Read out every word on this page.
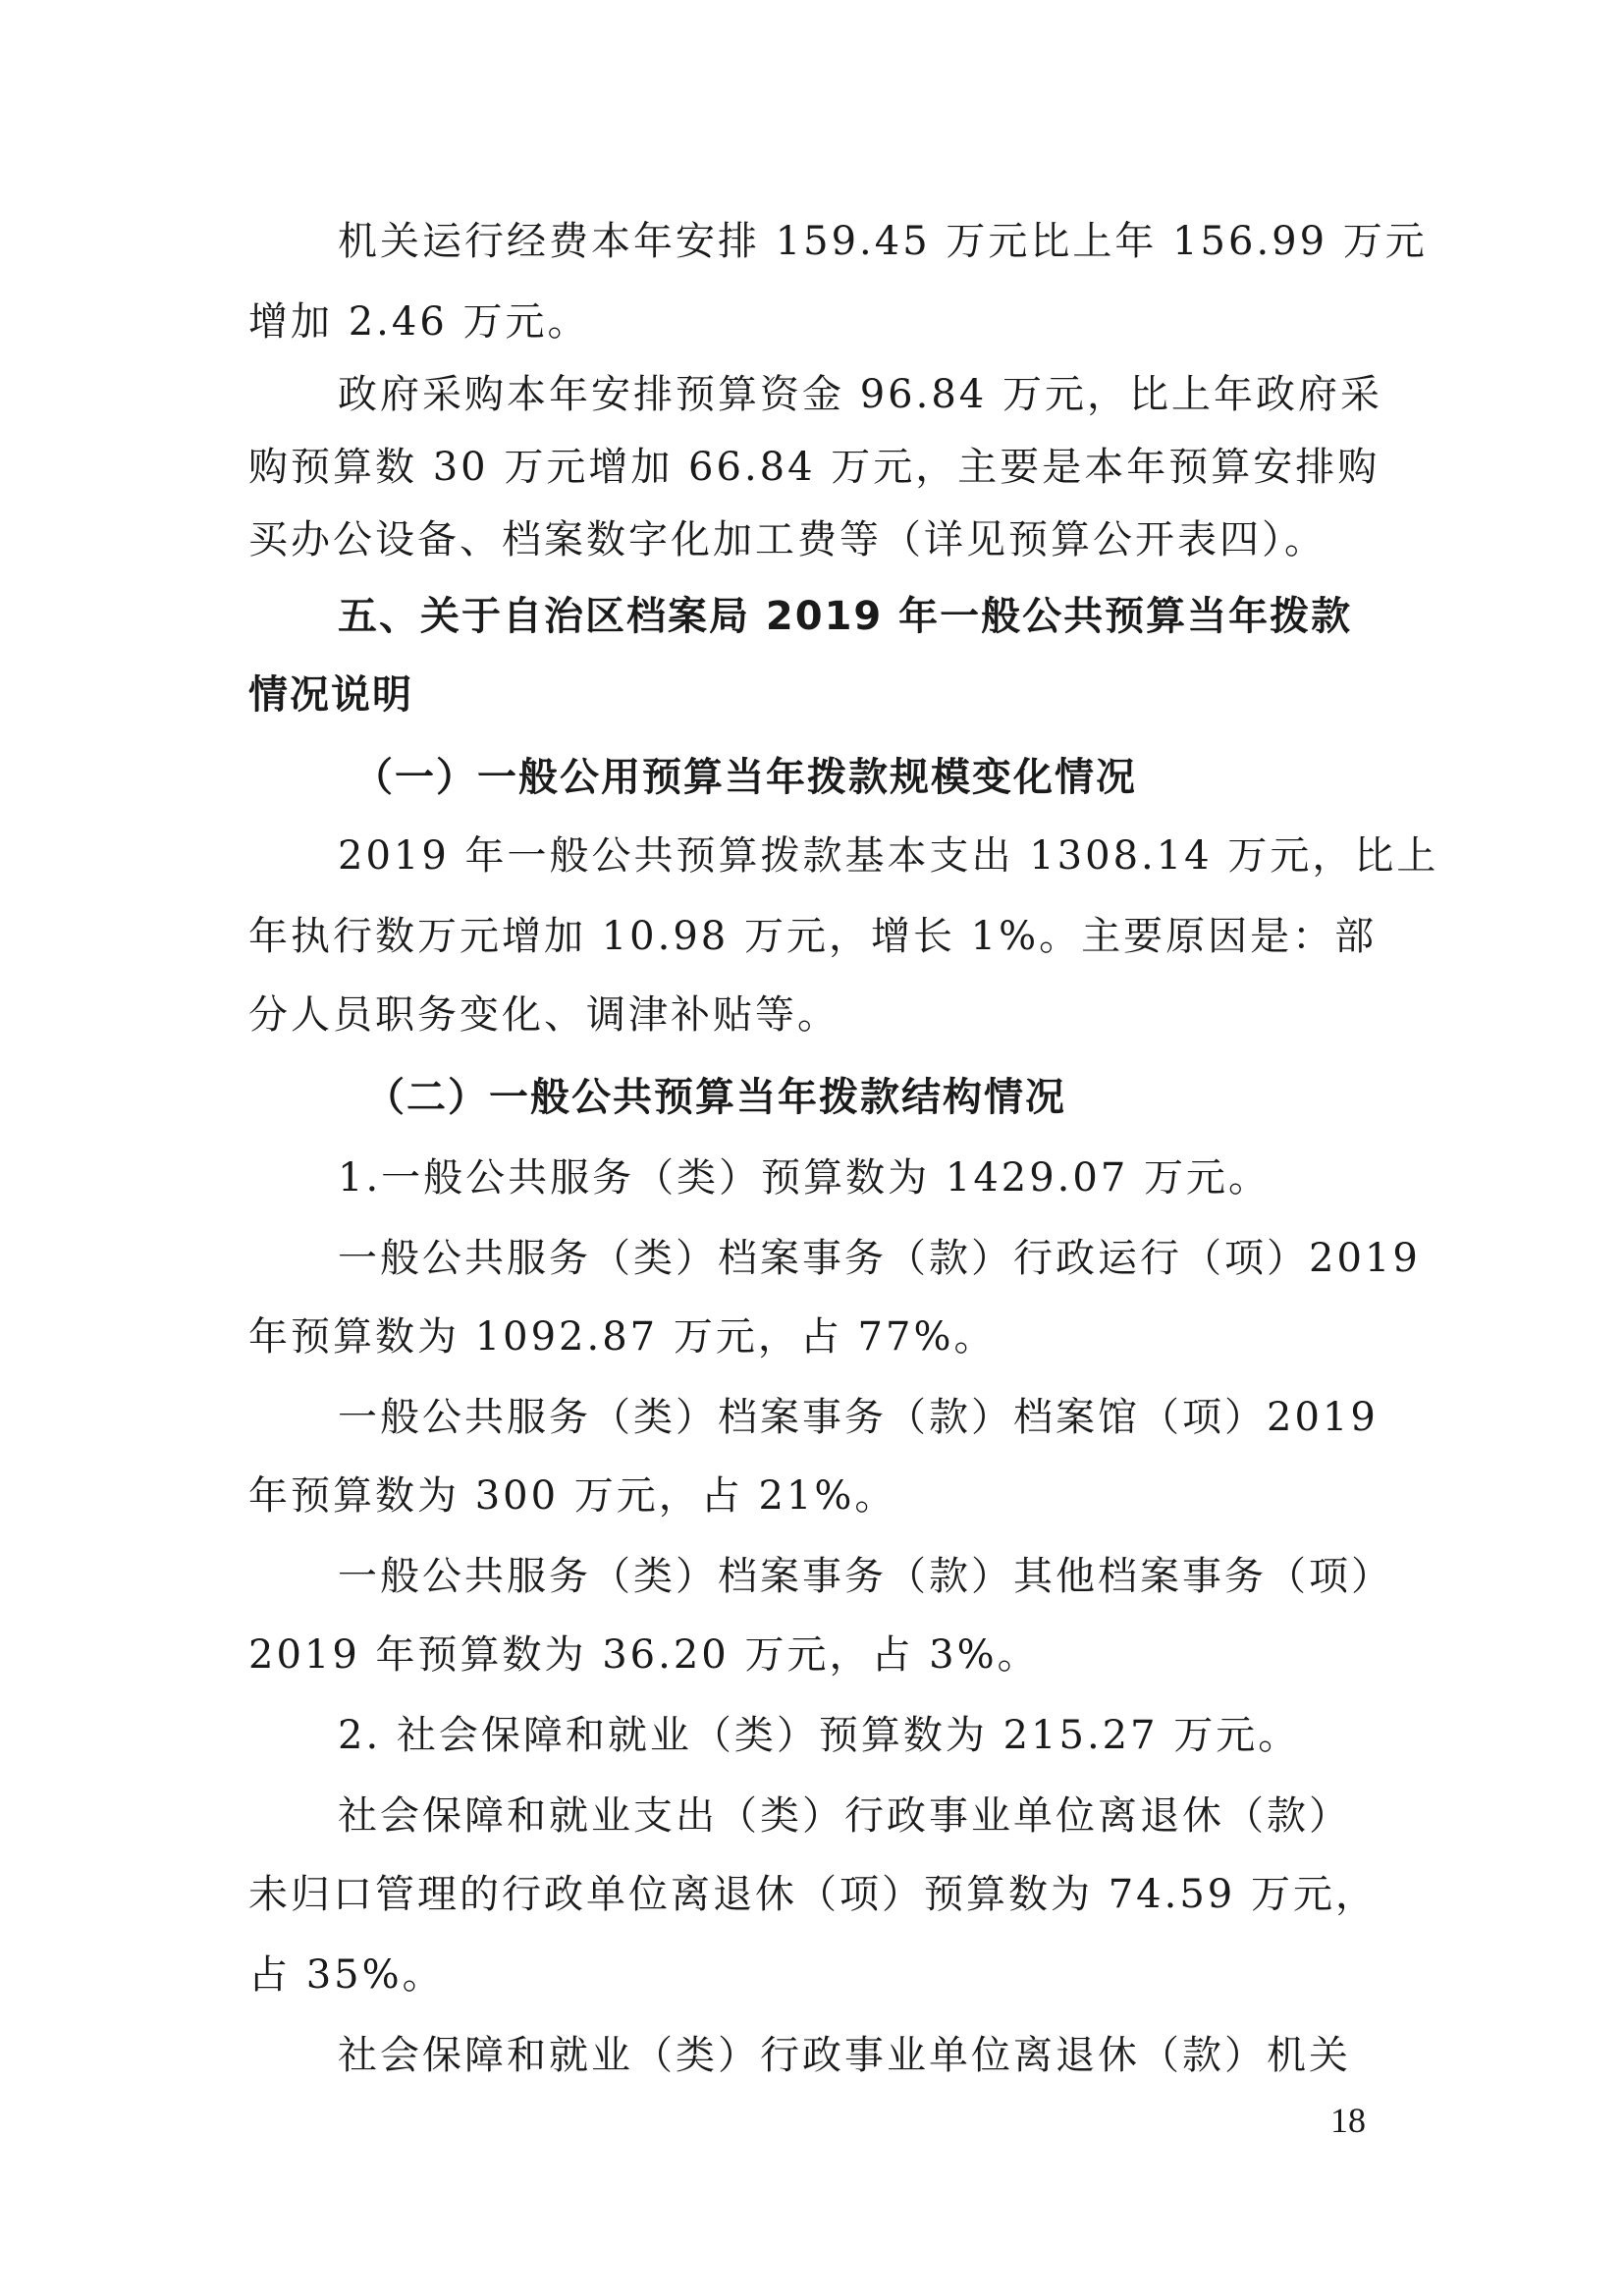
机关运行经费本年安排 159.45 万元比上年 156.99 万元
增加 2.46 万元。
政府采购本年安排预算资金 96.84 万元，比上年政府采
购预算数 30 万元增加 66.84 万元，主要是本年预算安排购
买办公设备、档案数字化加工费等（详见预算公开表四）。
五、关于自治区档案局 2019 年一般公共预算当年拨款
情况说明
（一）一般公用预算当年拨款规模变化情况
2019 年一般公共预算拨款基本支出 1308.14 万元，比上
年执行数万元增加 10.98 万元，增长 1%。主要原因是：部
分人员职务变化、调津补贴等。
（二）一般公共预算当年拨款结构情况
1.一般公共服务（类）预算数为 1429.07 万元。
一般公共服务（类）档案事务（款）行政运行（项）2019
年预算数为 1092.87 万元，占 77%。
一般公共服务（类）档案事务（款）档案馆（项）2019
年预算数为 300 万元，占 21%。
一般公共服务（类）档案事务（款）其他档案事务（项）
2019 年预算数为 36.20 万元，占 3%。
2. 社会保障和就业（类）预算数为 215.27 万元。
社会保障和就业支出（类）行政事业单位离退休（款）
未归口管理的行政单位离退休（项）预算数为 74.59 万元，
占 35%。
社会保障和就业（类）行政事业单位离退休（款）机关
18
